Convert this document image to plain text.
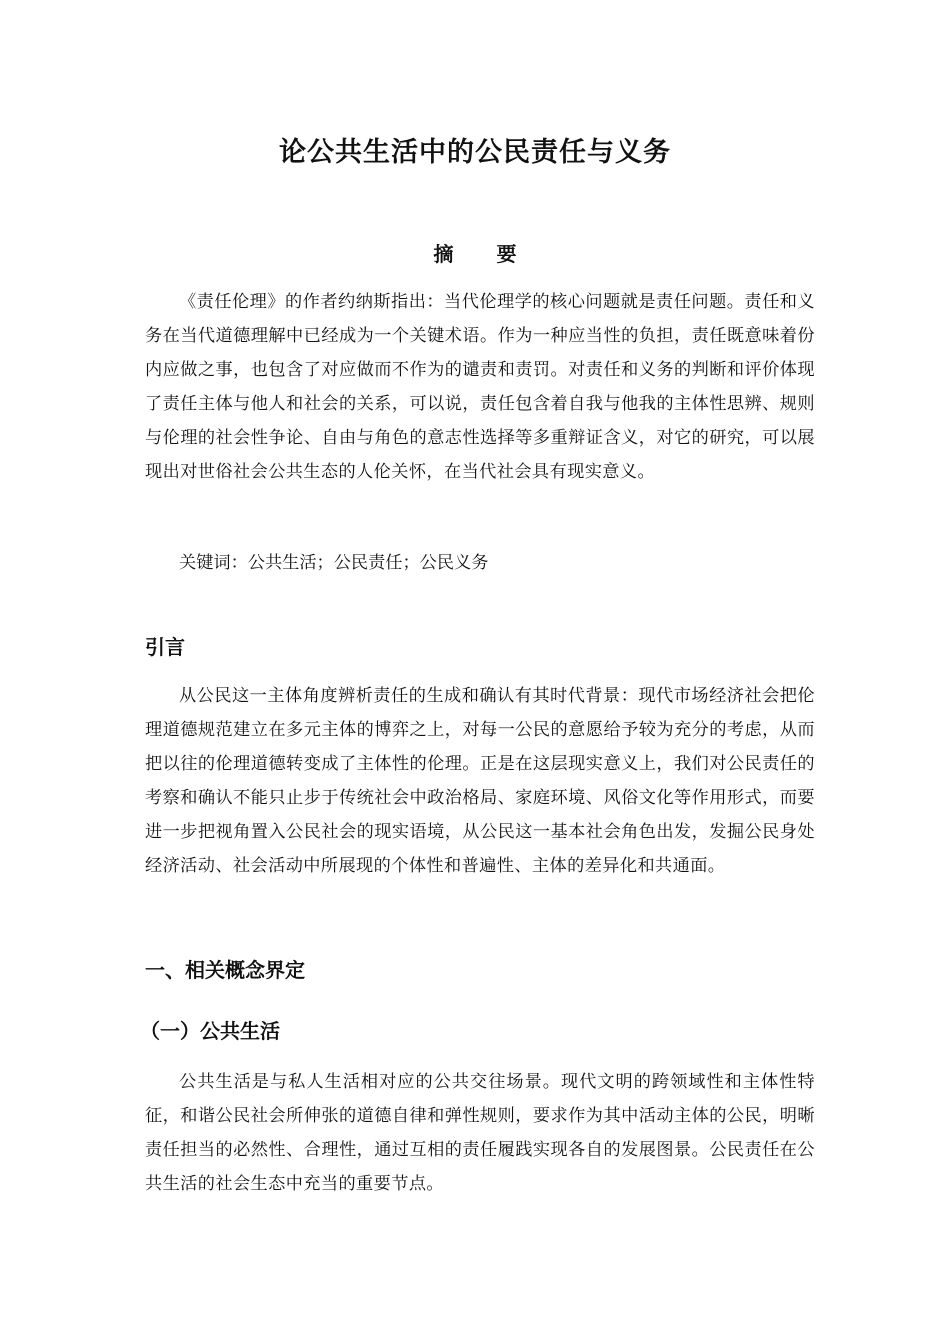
论公共生活中的公民责任与义务
摘 要

《责任伦理》的作者约纳斯指出：当代伦理学的核心问题就是责任问题。责任和义务在当代道德理解中已经成为一个关键术语。作为一种应当性的负担，责任既意味着份内应做之事，也包含了对应做而不作为的谴责和责罚。对责任和义务的判断和评价体现了责任主体与他人和社会的关系，可以说，责任包含着自我与他我的主体性思辨、规则与伦理的社会性争论、自由与角色的意志性选择等多重辩证含义，对它的研究，可以展现出对世俗社会公共生态的人伦关怀，在当代社会具有现实意义。

关键词：公共生活；公民责任；公民义务

引言

从公民这一主体角度辨析责任的生成和确认有其时代背景：现代市场经济社会把伦理道德规范建立在多元主体的博弈之上，对每一公民的意愿给予较为充分的考虑，从而把以往的伦理道德转变成了主体性的伦理。正是在这层现实意义上，我们对公民责任的考察和确认不能只止步于传统社会中政治格局、家庭环境、风俗文化等作用形式，而要进一步把视角置入公民社会的现实语境，从公民这一基本社会角色出发，发掘公民身处经济活动、社会活动中所展现的个体性和普遍性、主体的差异化和共通面。

一、相关概念界定
（一）公共生活

公共生活是与私人生活相对应的公共交往场景。现代文明的跨领域性和主体性特征，和谐公民社会所伸张的道德自律和弹性规则，要求作为其中活动主体的公民，明晰责任担当的必然性、合理性，通过互相的责任履践实现各自的发展图景。公民责任在公共生活的社会生态中充当的重要节点。
